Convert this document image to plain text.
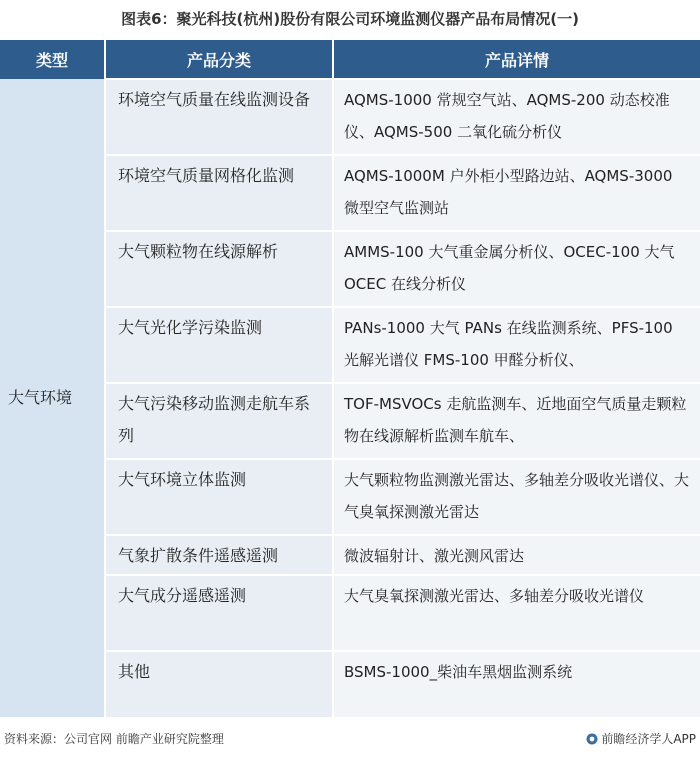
图表6：聚光科技(杭州)股份有限公司环境监测仪器产品布局情况(一)
类型	产品分类	产品详情
大气环境	环境空气质量在线监测设备	AQMS-1000 常规空气站、AQMS-200 动态校准仪、AQMS-500 二氧化硫分析仪
	环境空气质量网格化监测	AQMS-1000M 户外柜小型路边站、AQMS-3000 微型空气监测站
	大气颗粒物在线源解析	AMMS-100 大气重金属分析仪、OCEC-100 大气 OCEC 在线分析仪
	大气光化学污染监测	PANs-1000 大气 PANs 在线监测系统、PFS-100 光解光谱仪 FMS-100 甲醛分析仪、
	大气污染移动监测走航车系列	TOF-MSVOCs 走航监测车、近地面空气质量走颗粒物在线源解析监测车航车、
	大气环境立体监测	大气颗粒物监测激光雷达、多轴差分吸收光谱仪、大气臭氧探测激光雷达
	气象扩散条件遥感遥测	微波辐射计、激光测风雷达
	大气成分遥感遥测	大气臭氧探测激光雷达、多轴差分吸收光谱仪
	其他	BSMS-1000_柴油车黑烟监测系统
资料来源：公司官网 前瞻产业研究院整理	前瞻经济学人APP
